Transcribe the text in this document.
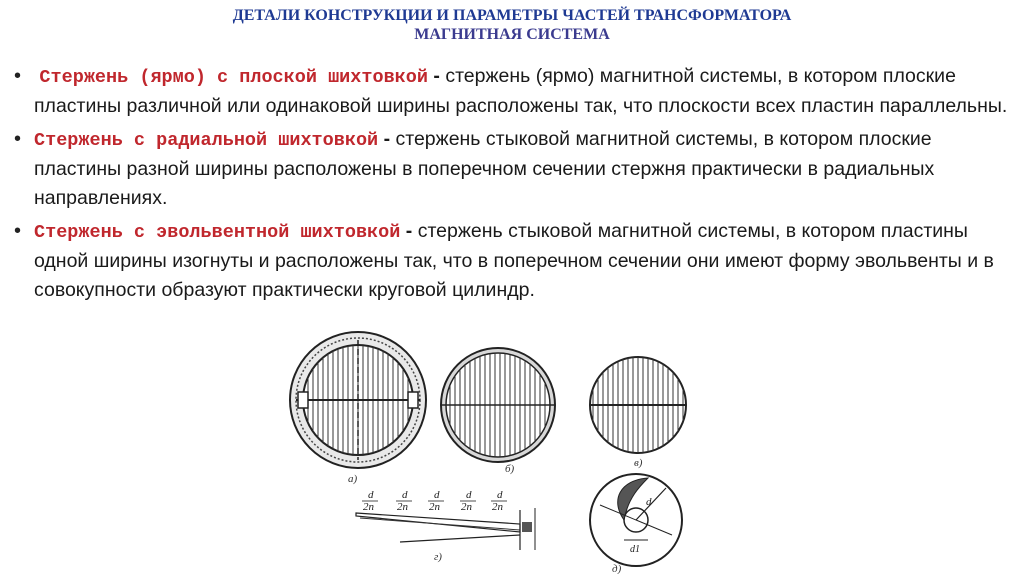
ДЕТАЛИ КОНСТРУКЦИИ И ПАРАМЕТРЫ ЧАСТЕЙ ТРАНСФОРМАТОРА
МАГНИТНАЯ СИСТЕМА
• Стержень (ярмо) с плоской шихтовкой - стержень (ярмо) магнитной системы, в котором плоские пластины различной или одинаковой ширины расположены так, что плоскости всех пластин параллельны.
• Стержень с радиальной шихтовкой - стержень стыковой магнитной системы, в котором плоские пластины разной ширины расположены в поперечном сечении стержня практически в радиальных направлениях.
• Стержень с эвольвентной шихтовкой - стержень стыковой магнитной системы, в котором пластины одной ширины изогнуты и расположены так, что в поперечном сечении они имеют форму эвольвенты и в совокупности образуют практически круговой цилиндр.
а)
б)	в)
d
2n
d
2n
d
2n
d
2n
d
2n
г)
d
d1
д)
